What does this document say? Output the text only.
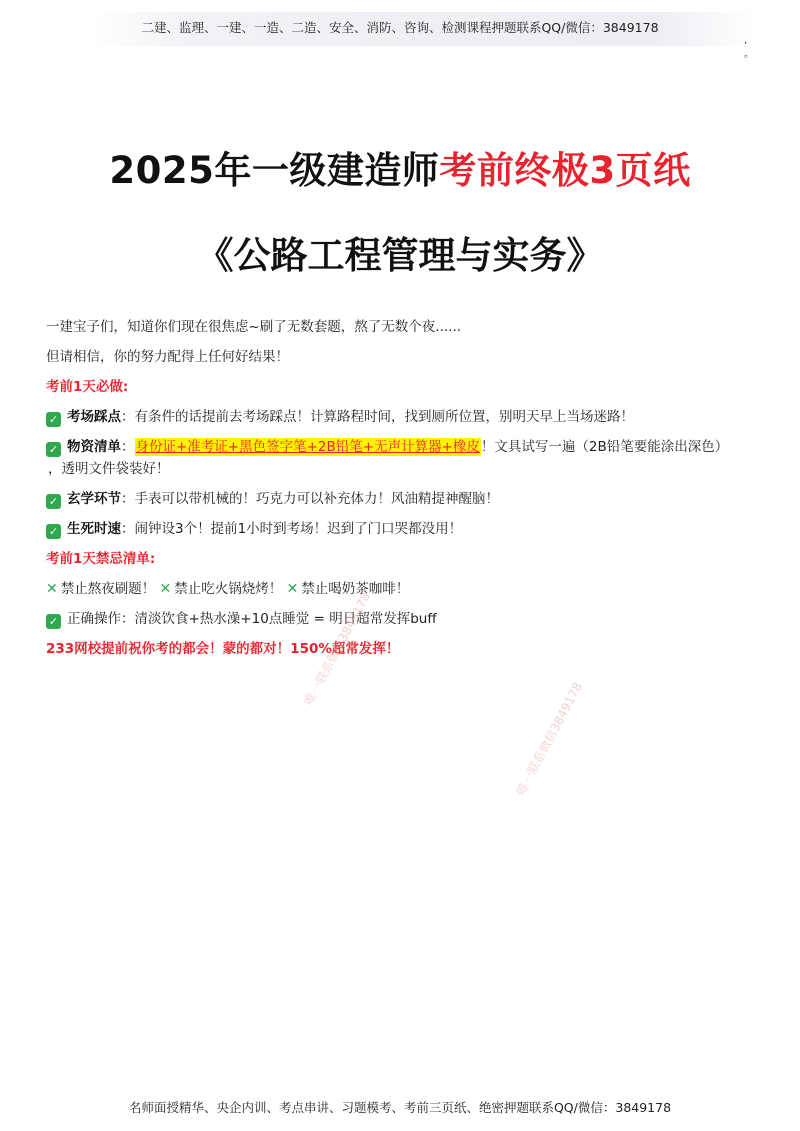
二建、监理、一建、一造、二造、安全、消防、咨询、检测课程押题联系QQ/微信：3849178
,
。
2025年一级建造师考前终极3页纸
《公路工程管理与实务》
一建宝子们，知道你们现在很焦虑~刷了无数套题，熬了无数个夜......
但请相信，你的努力配得上任何好结果！
考前1天必做:
✓ 考场踩点：有条件的话提前去考场踩点！计算路程时间，找到厕所位置，别明天早上当场迷路！
✓ 物资清单：身份证+准考证+黑色签字笔+2B铅笔+无声计算器+橡皮！文具试写一遍（2B铅笔要能涂出深色）
，透明文件袋装好！
✓ 玄学环节：手表可以带机械的！巧克力可以补充体力！风油精提神醒脑！
✓ 生死时速：闹钟设3个！提前1小时到考场！迟到了门口哭都没用！
考前1天禁忌清单:
✕ 禁止熬夜刷题！ ✕ 禁止吃火锅烧烤！ ✕ 禁止喝奶茶咖啡！
✓ 正确操作：清淡饮食+热水澡+10点睡觉 = 明日超常发挥buff
233网校提前祝你考的都会！蒙的都对！150%超常发挥！
唯一联系微信3849178
唯一联系微信3849178
名师面授精华、央企内训、考点串讲、习题模考、考前三页纸、绝密押题联系QQ/微信：3849178
